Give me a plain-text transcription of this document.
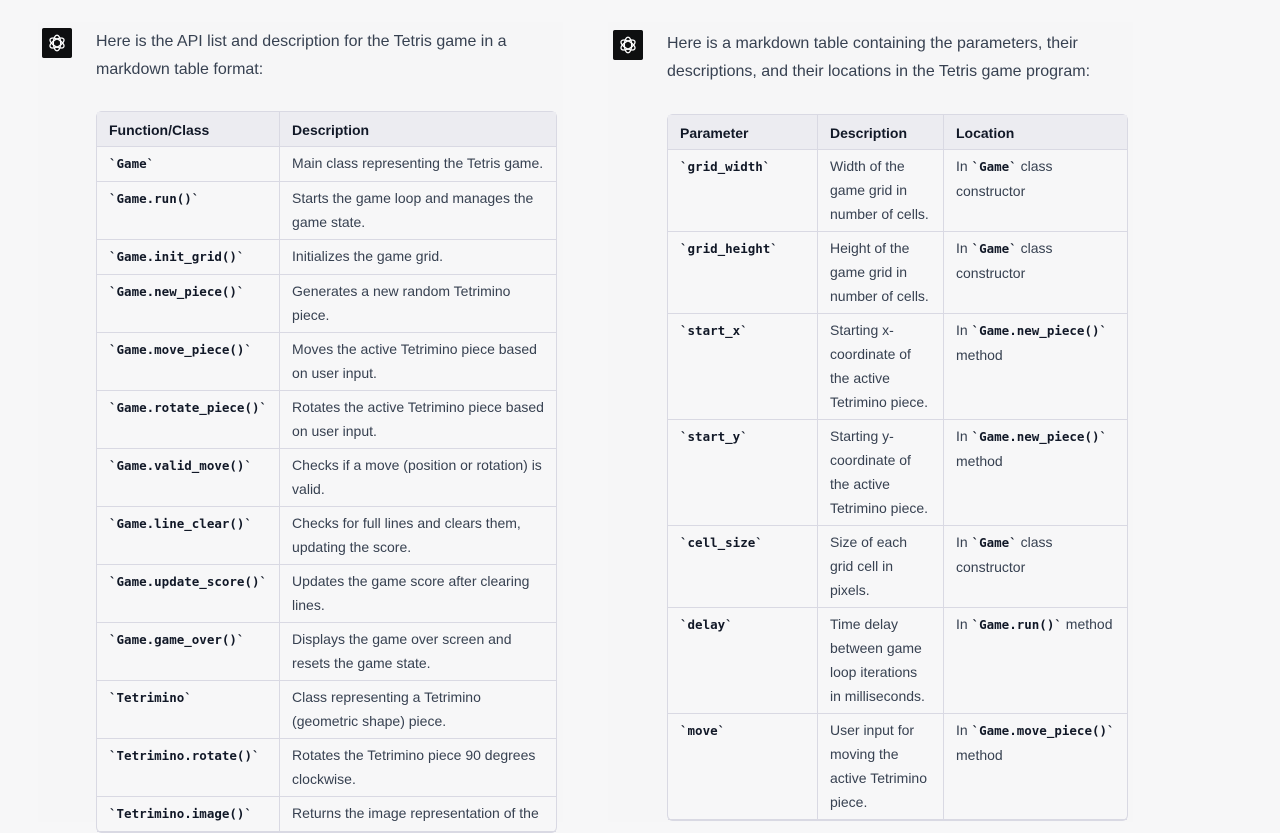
Here is the API list and description for the Tetris game in a markdown table format:
Function/Class	Description
`Game`	Main class representing the Tetris game.
`Game.run()`	Starts the game loop and manages the game state.
`Game.init_grid()`	Initializes the game grid.
`Game.new_piece()`	Generates a new random Tetrimino piece.
`Game.move_piece()`	Moves the active Tetrimino piece based on user input.
`Game.rotate_piece()`	Rotates the active Tetrimino piece based on user input.
`Game.valid_move()`	Checks if a move (position or rotation) is valid.
`Game.line_clear()`	Checks for full lines and clears them, updating the score.
`Game.update_score()`	Updates the game score after clearing lines.
`Game.game_over()`	Displays the game over screen and resets the game state.
`Tetrimino`	Class representing a Tetrimino (geometric shape) piece.
`Tetrimino.rotate()`	Rotates the Tetrimino piece 90 degrees clockwise.
`Tetrimino.image()`	Returns the image representation of the
Here is a markdown table containing the parameters, their descriptions, and their locations in the Tetris game program:
Parameter	Description	Location
`grid_width`	Width of the game grid in number of cells.	In `Game` class constructor
`grid_height`	Height of the game grid in number of cells.	In `Game` class constructor
`start_x`	Starting x-coordinate of the active Tetrimino piece.	In `Game.new_piece()` method
`start_y`	Starting y-coordinate of the active Tetrimino piece.	In `Game.new_piece()` method
`cell_size`	Size of each grid cell in pixels.	In `Game` class constructor
`delay`	Time delay between game loop iterations in milliseconds.	In `Game.run()` method
`move`	User input for moving the active Tetrimino piece.	In `Game.move_piece()` method
